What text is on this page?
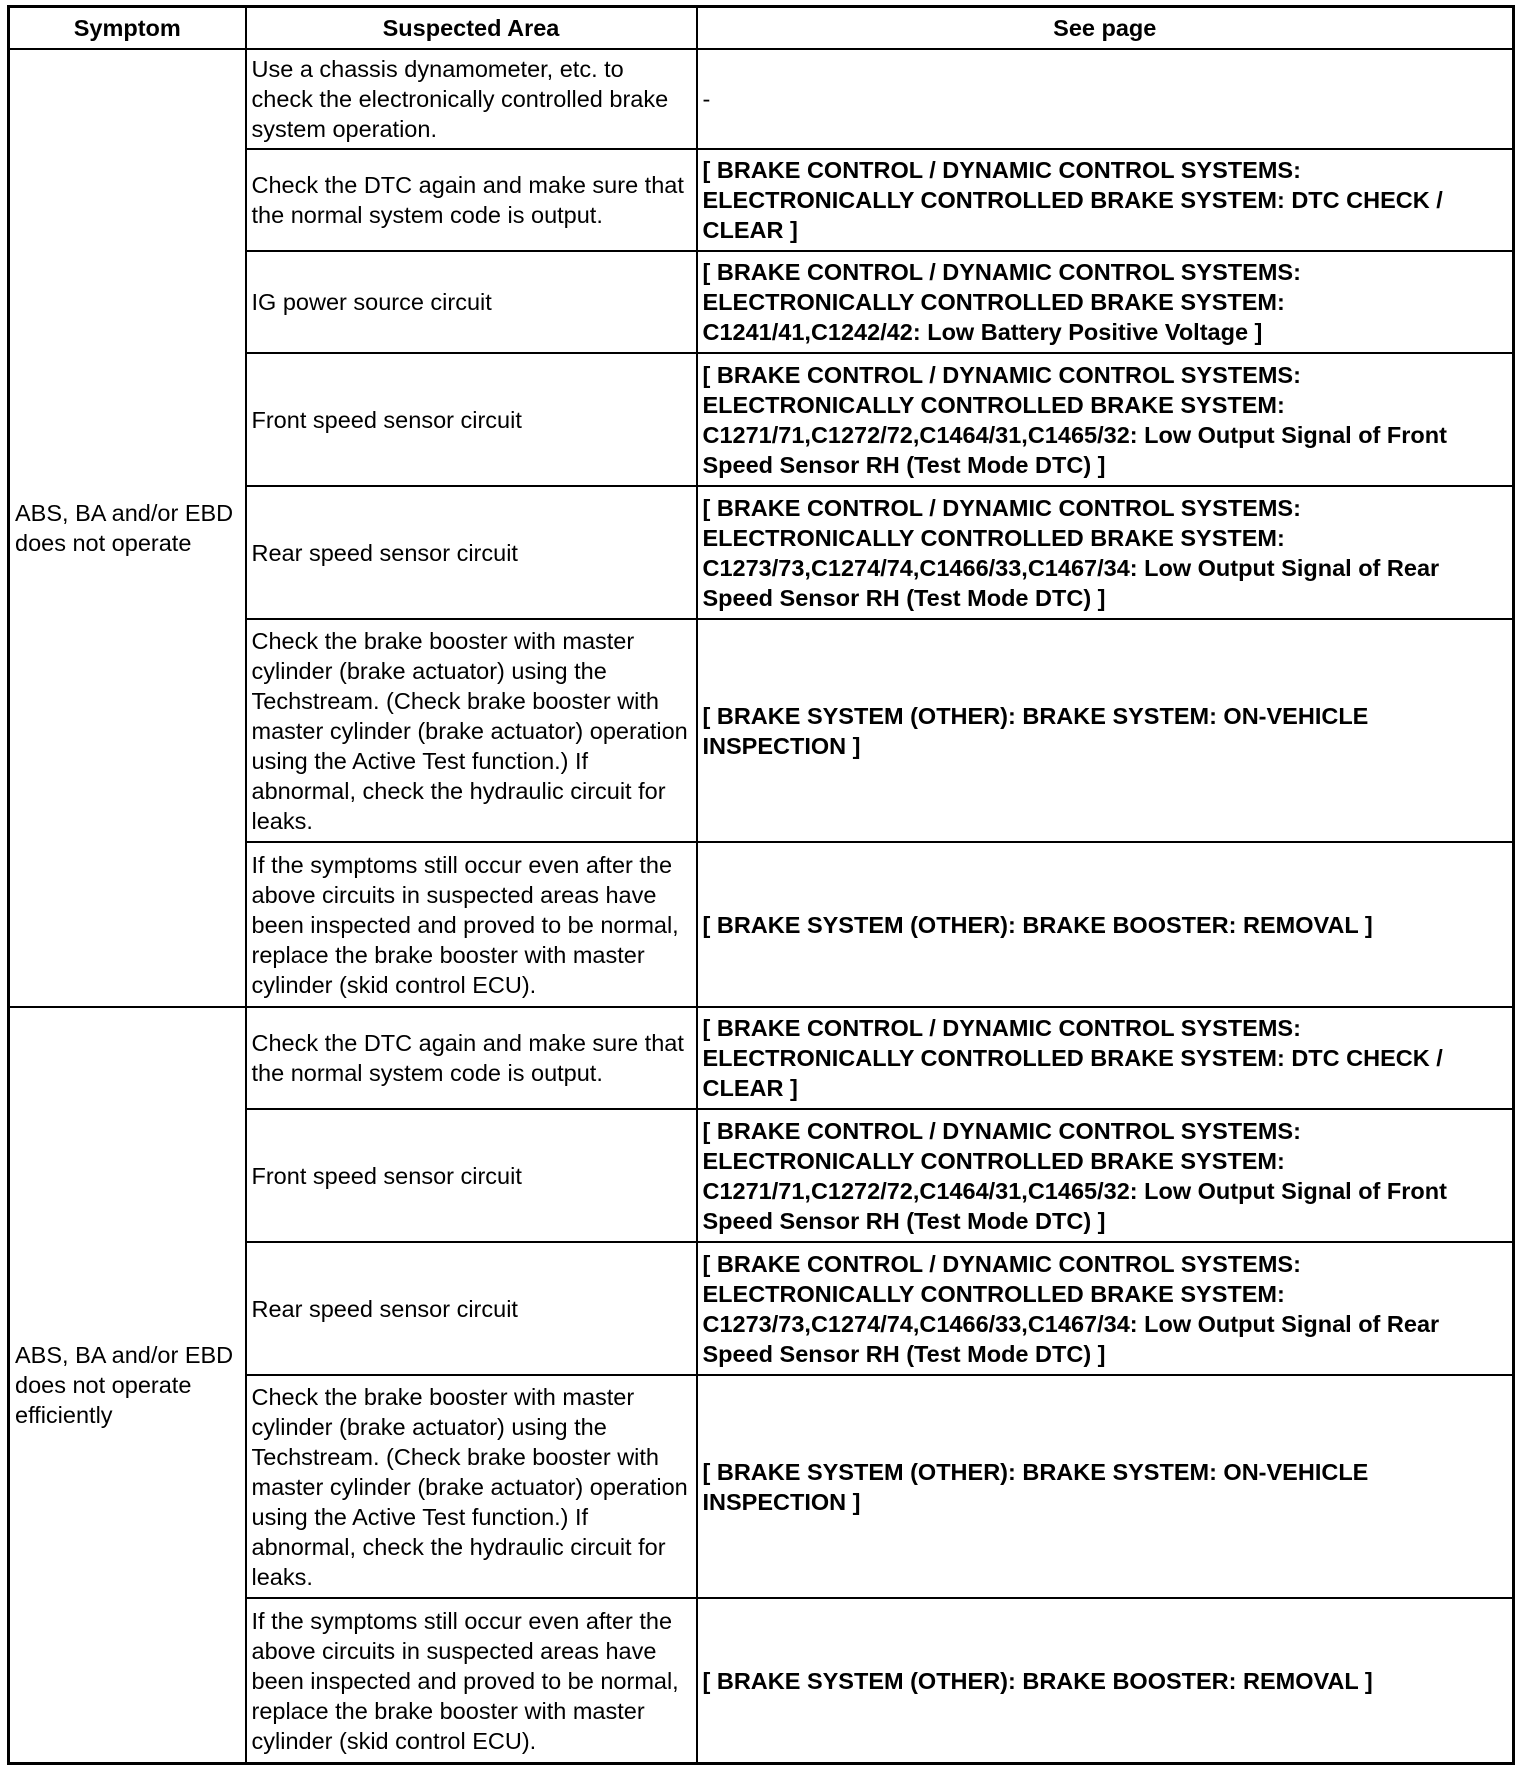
Symptom	Suspected Area	See page
ABS, BA and/or EBD does not operate	Use a chassis dynamometer, etc. to check the electronically controlled brake system operation.	-
	Check the DTC again and make sure that the normal system code is output.	[ BRAKE CONTROL / DYNAMIC CONTROL SYSTEMS: ELECTRONICALLY CONTROLLED BRAKE SYSTEM: DTC CHECK / CLEAR ]
	IG power source circuit	[ BRAKE CONTROL / DYNAMIC CONTROL SYSTEMS: ELECTRONICALLY CONTROLLED BRAKE SYSTEM: C1241/41,C1242/42: Low Battery Positive Voltage ]
	Front speed sensor circuit	[ BRAKE CONTROL / DYNAMIC CONTROL SYSTEMS: ELECTRONICALLY CONTROLLED BRAKE SYSTEM: C1271/71,C1272/72,C1464/31,C1465/32: Low Output Signal of Front Speed Sensor RH (Test Mode DTC) ]
	Rear speed sensor circuit	[ BRAKE CONTROL / DYNAMIC CONTROL SYSTEMS: ELECTRONICALLY CONTROLLED BRAKE SYSTEM: C1273/73,C1274/74,C1466/33,C1467/34: Low Output Signal of Rear Speed Sensor RH (Test Mode DTC) ]
	Check the brake booster with master cylinder (brake actuator) using the Techstream. (Check brake booster with master cylinder (brake actuator) operation using the Active Test function.) If abnormal, check the hydraulic circuit for leaks.	[ BRAKE SYSTEM (OTHER): BRAKE SYSTEM: ON-VEHICLE INSPECTION ]
	If the symptoms still occur even after the above circuits in suspected areas have been inspected and proved to be normal, replace the brake booster with master cylinder (skid control ECU).	[ BRAKE SYSTEM (OTHER): BRAKE BOOSTER: REMOVAL ]
ABS, BA and/or EBD does not operate efficiently	Check the DTC again and make sure that the normal system code is output.	[ BRAKE CONTROL / DYNAMIC CONTROL SYSTEMS: ELECTRONICALLY CONTROLLED BRAKE SYSTEM: DTC CHECK / CLEAR ]
	Front speed sensor circuit	[ BRAKE CONTROL / DYNAMIC CONTROL SYSTEMS: ELECTRONICALLY CONTROLLED BRAKE SYSTEM: C1271/71,C1272/72,C1464/31,C1465/32: Low Output Signal of Front Speed Sensor RH (Test Mode DTC) ]
	Rear speed sensor circuit	[ BRAKE CONTROL / DYNAMIC CONTROL SYSTEMS: ELECTRONICALLY CONTROLLED BRAKE SYSTEM: C1273/73,C1274/74,C1466/33,C1467/34: Low Output Signal of Rear Speed Sensor RH (Test Mode DTC) ]
	Check the brake booster with master cylinder (brake actuator) using the Techstream. (Check brake booster with master cylinder (brake actuator) operation using the Active Test function.) If abnormal, check the hydraulic circuit for leaks.	[ BRAKE SYSTEM (OTHER): BRAKE SYSTEM: ON-VEHICLE INSPECTION ]
	If the symptoms still occur even after the above circuits in suspected areas have been inspected and proved to be normal, replace the brake booster with master cylinder (skid control ECU).	[ BRAKE SYSTEM (OTHER): BRAKE BOOSTER: REMOVAL ]
